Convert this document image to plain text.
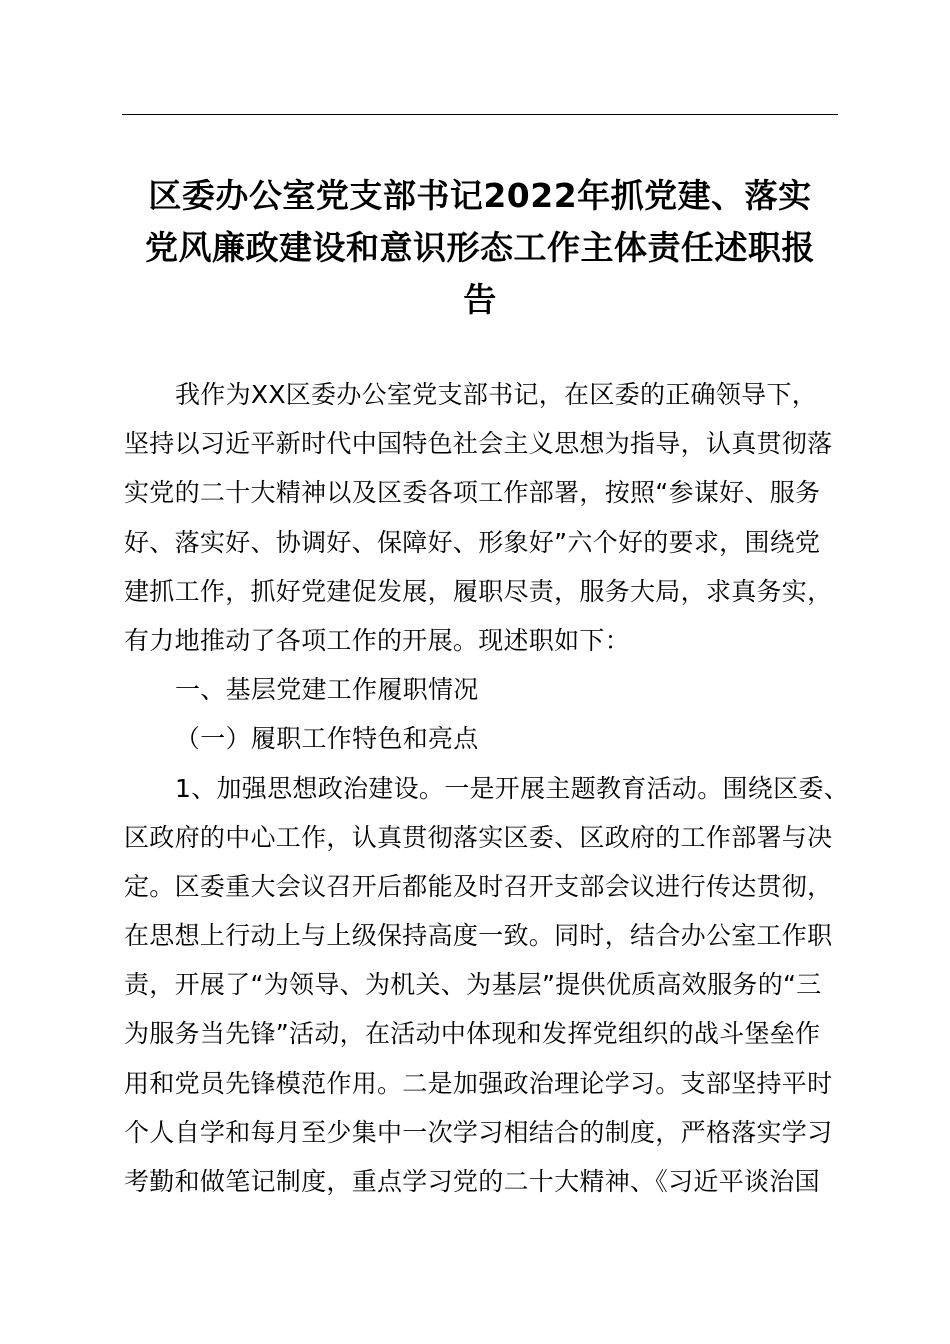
区委办公室党支部书记2022年抓党建、落实
党风廉政建设和意识形态工作主体责任述职报
告
我作为XX区委办公室党支部书记，在区委的正确领导下，
坚持以习近平新时代中国特色社会主义思想为指导，认真贯彻落
实党的二十大精神以及区委各项工作部署，按照“参谋好、服务
好、落实好、协调好、保障好、形象好”六个好的要求，围绕党
建抓工作，抓好党建促发展，履职尽责，服务大局，求真务实，
有力地推动了各项工作的开展。现述职如下：
一、基层党建工作履职情况
（一）履职工作特色和亮点
1、加强思想政治建设。一是开展主题教育活动。围绕区委、
区政府的中心工作，认真贯彻落实区委、区政府的工作部署与决
定。区委重大会议召开后都能及时召开支部会议进行传达贯彻，
在思想上行动上与上级保持高度一致。同时，结合办公室工作职
责，开展了“为领导、为机关、为基层”提供优质高效服务的“三
为服务当先锋”活动，在活动中体现和发挥党组织的战斗堡垒作
用和党员先锋模范作用。二是加强政治理论学习。支部坚持平时
个人自学和每月至少集中一次学习相结合的制度，严格落实学习
考勤和做笔记制度，重点学习党的二十大精神、《习近平谈治国
